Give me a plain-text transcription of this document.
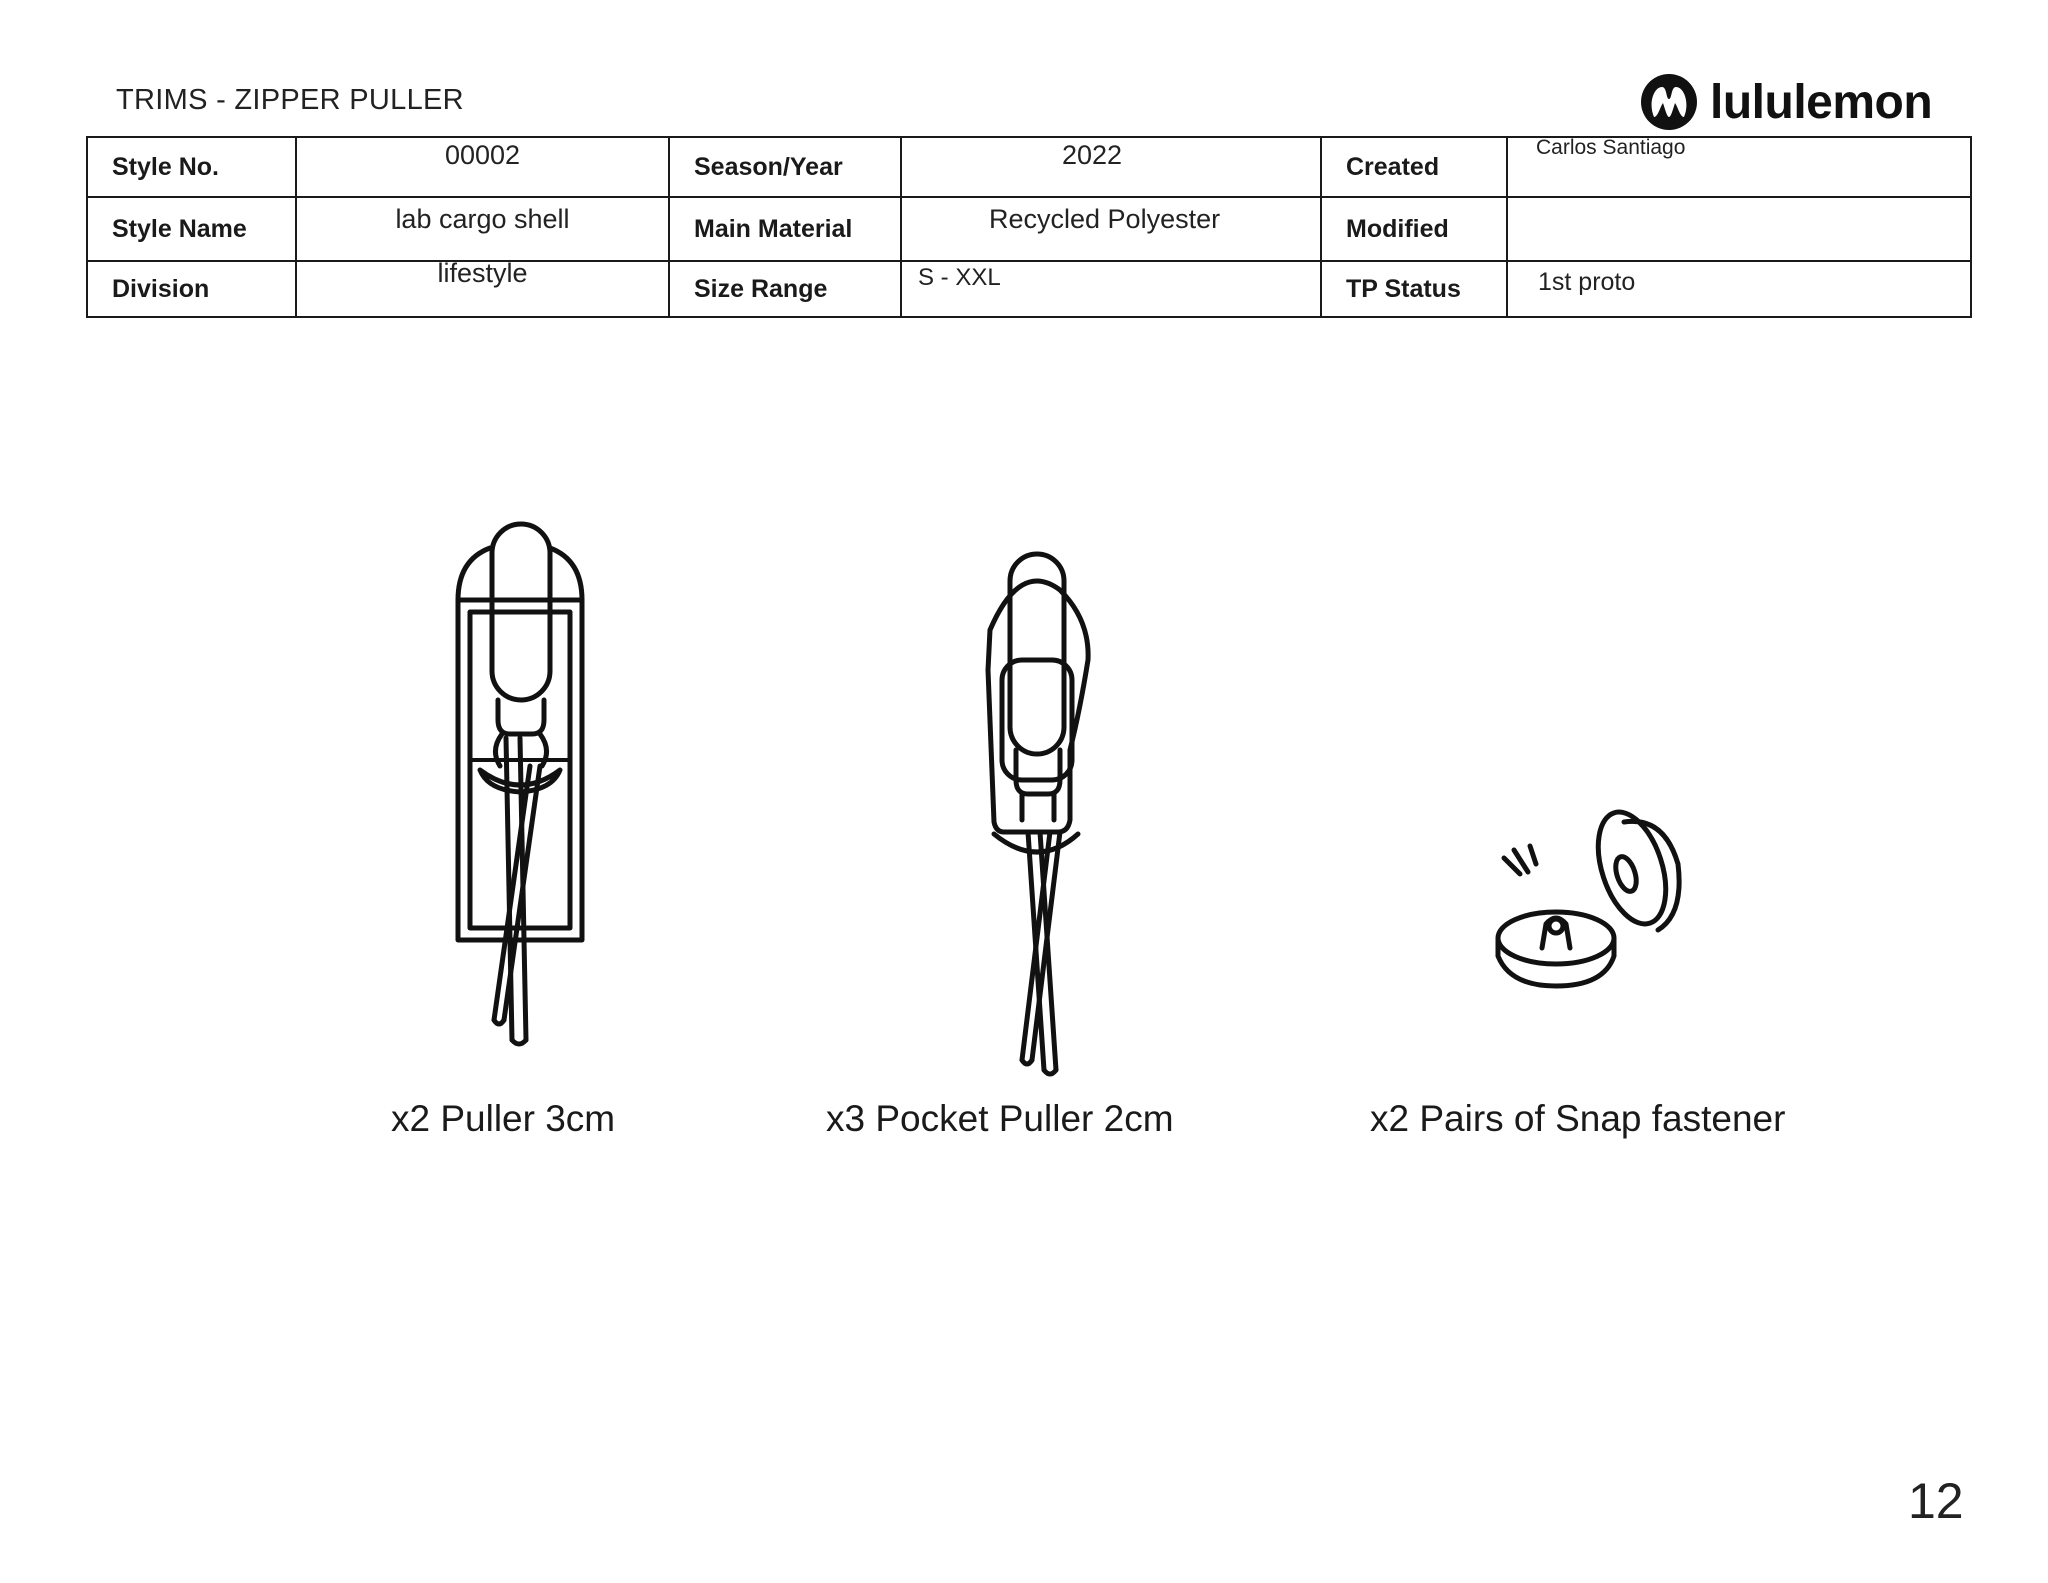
TRIMS - ZIPPER PULLER	lululemon
Style No.	00002	Season/Year	2022	Created	Carlos Santiago

Style Name	lab cargo shell	Main Material	Recycled Polyester	Modified	

Division	lifestyle	Size Range	S - XXL	TP Status	1st proto
x2 Puller 3cm	x3 Pocket Puller 2cm	x2 Pairs of Snap fastener
12
